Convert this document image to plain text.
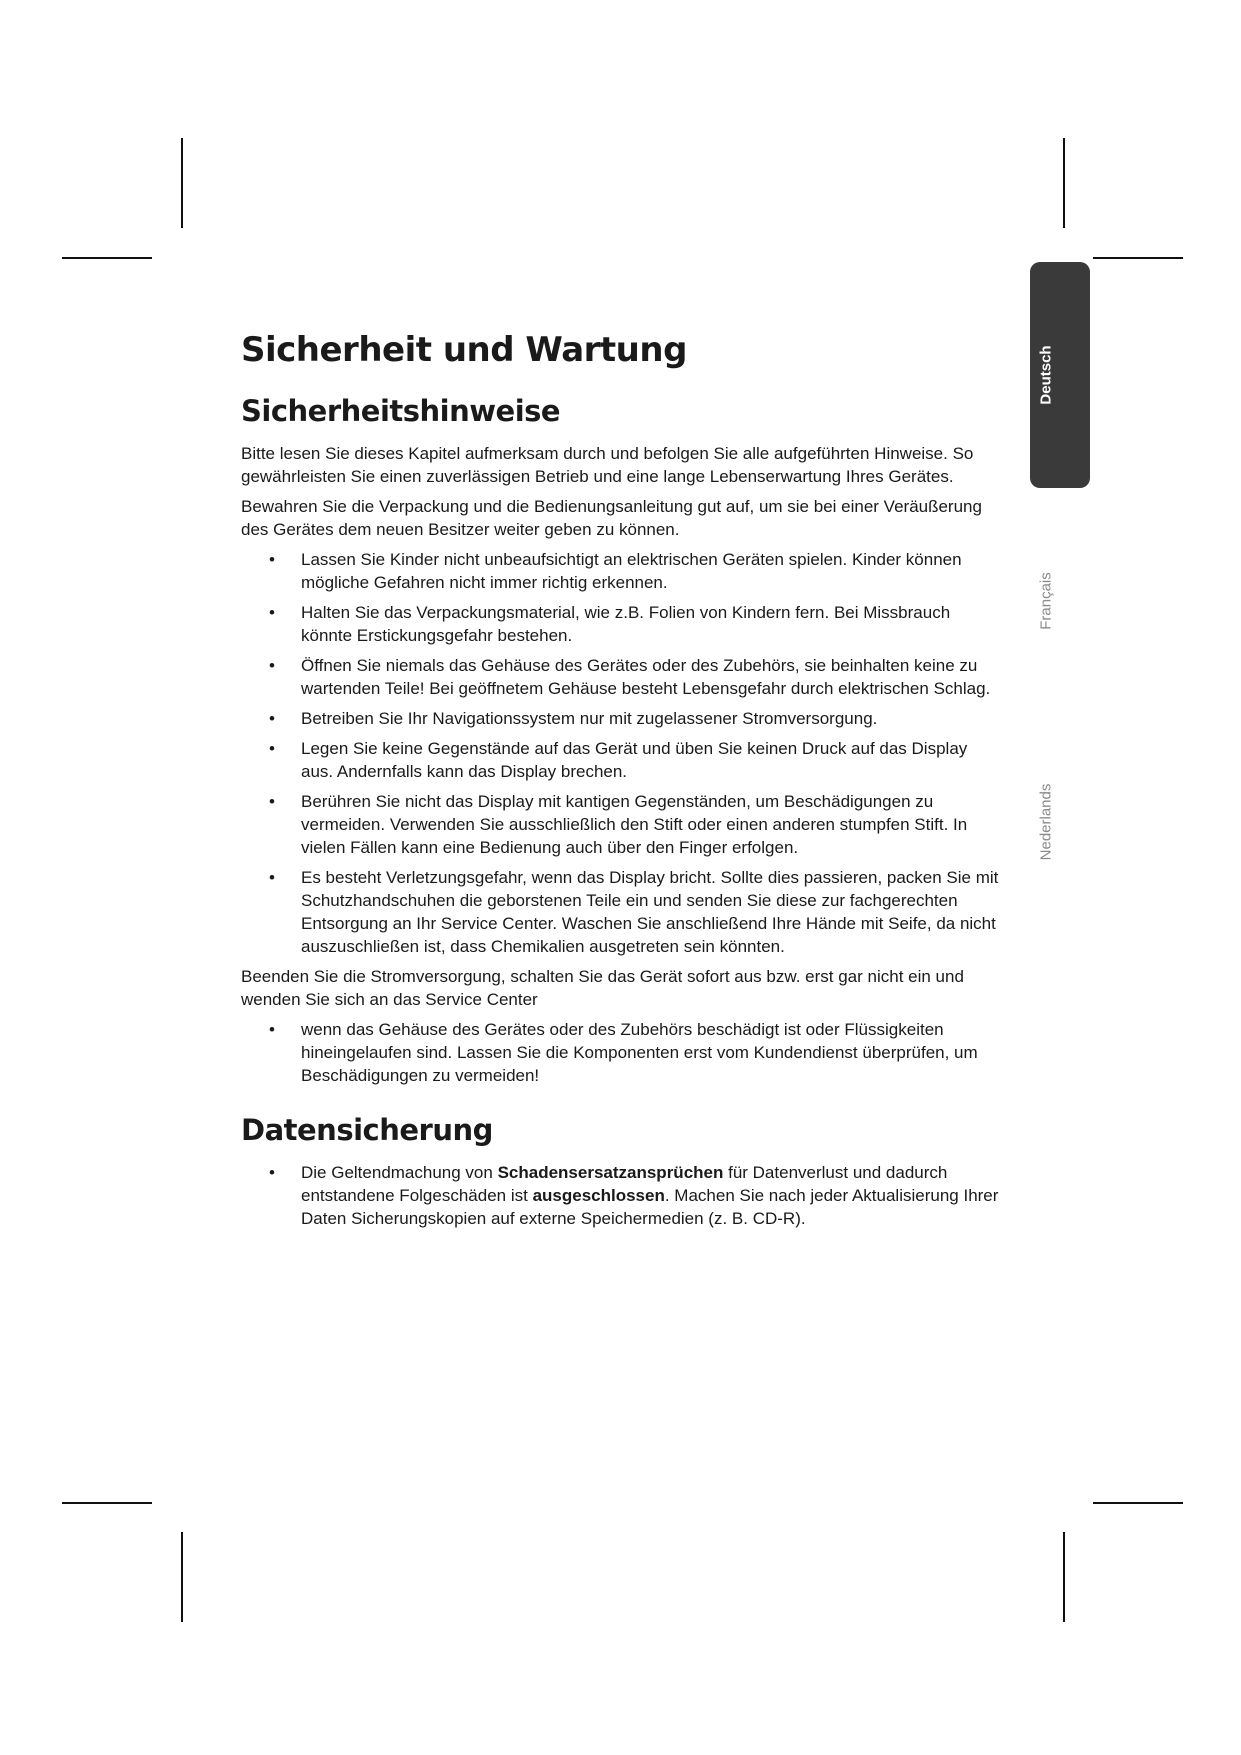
Deutsch
Français
Nederlands
Sicherheit und Wartung
Sicherheitshinweise

Bitte lesen Sie dieses Kapitel aufmerksam durch und befolgen Sie alle aufgeführten Hinweise. So gewährleisten Sie einen zuverlässigen Betrieb und eine lange Lebenserwartung Ihres Gerätes.

Bewahren Sie die Verpackung und die Bedienungsanleitung gut auf, um sie bei einer Veräußerung des Gerätes dem neuen Besitzer weiter geben zu können.

• Lassen Sie Kinder nicht unbeaufsichtigt an elektrischen Geräten spielen. Kinder können mögliche Gefahren nicht immer richtig erkennen.
• Halten Sie das Verpackungsmaterial, wie z.B. Folien von Kindern fern. Bei Missbrauch könnte Erstickungsgefahr bestehen.
• Öffnen Sie niemals das Gehäuse des Gerätes oder des Zubehörs, sie beinhalten keine zu wartenden Teile! Bei geöffnetem Gehäuse besteht Lebensgefahr durch elektrischen Schlag.
• Betreiben Sie Ihr Navigationssystem nur mit zugelassener Stromversorgung.
• Legen Sie keine Gegenstände auf das Gerät und üben Sie keinen Druck auf das Display aus. Andernfalls kann das Display brechen.
• Berühren Sie nicht das Display mit kantigen Gegenständen, um Beschädigungen zu vermeiden. Verwenden Sie ausschließlich den Stift oder einen anderen stumpfen Stift. In vielen Fällen kann eine Bedienung auch über den Finger erfolgen.
• Es besteht Verletzungsgefahr, wenn das Display bricht. Sollte dies passieren, packen Sie mit Schutzhandschuhen die geborstenen Teile ein und senden Sie diese zur fachgerechten Entsorgung an Ihr Service Center. Waschen Sie anschließend Ihre Hände mit Seife, da nicht auszuschließen ist, dass Chemikalien ausgetreten sein könnten.

Beenden Sie die Stromversorgung, schalten Sie das Gerät sofort aus bzw. erst gar nicht ein und wenden Sie sich an das Service Center

• wenn das Gehäuse des Gerätes oder des Zubehörs beschädigt ist oder Flüssigkeiten hineingelaufen sind. Lassen Sie die Komponenten erst vom Kundendienst überprüfen, um Beschädigungen zu vermeiden!
Datensicherung
• Die Geltendmachung von Schadensersatzansprüchen für Datenverlust und dadurch entstandene Folgeschäden ist ausgeschlossen. Machen Sie nach jeder Aktualisierung Ihrer Daten Sicherungskopien auf externe Speichermedien (z. B. CD-R).
